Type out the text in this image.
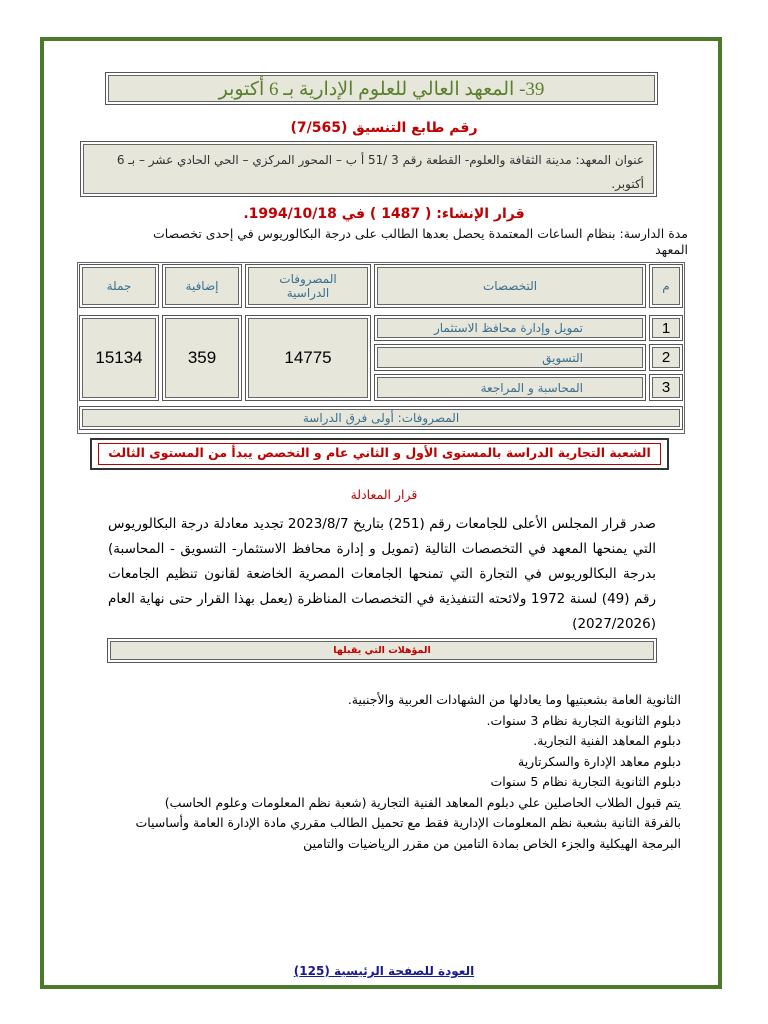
39- المعهد العالي للعلوم الإدارية بـ 6 أكتوبر
رقم طابع التنسيق (7/565)
عنوان المعهد: مدينة الثقافة والعلوم- القطعة رقم 3 /51 أ ب – المحور المركزي – الحي الحادي عشر – بـ 6 أكتوبر.
قرار الإنشاء: ( 1487 ) في 1994/10/18.
مدة الدارسة: بنظام الساعات المعتمدة يحصل بعدها الطالب على درجة البكالوريوس في إحدى تخصصات المعهد
م
التخصصات
المصروفات الدراسية
إضافية
جملة
1
تمويل وإدارة محافظ الاستثمار
2
التسويق
3
المحاسبة و المراجعة
14775
359
15134
المصروفات: أولى فرق الدراسة
الشعبة التجارية الدراسة بالمستوى الأول و الثاني عام و التخصص يبدأ من المستوى الثالث
قرار المعادلة
صدر قرار المجلس الأعلى للجامعات رقم (251) بتاريخ 2023/8/7 تجديد معادلة درجة البكالوريوس التي يمنحها المعهد في التخصصات التالية (تمويل و إدارة محافظ الاستثمار- التسويق - المحاسبة) بدرجة البكالوريوس في التجارة التي تمنحها الجامعات المصرية الخاضعة لقانون تنظيم الجامعات رقم (49) لسنة 1972 ولائحته التنفيذية في التخصصات المناظرة (يعمل بهذا القرار حتى نهاية العام (2027/2026)
المؤهلات التي يقبلها
الثانوية العامة بشعبتيها وما يعادلها من الشهادات العربية والأجنبية.
دبلوم الثانوية التجارية نظام 3 سنوات.
دبلوم المعاهد الفنية التجارية.
دبلوم معاهد الإدارة والسكرتارية
دبلوم الثانوية التجارية نظام 5 سنوات
يتم قبول الطلاب الحاصلين علي دبلوم المعاهد الفنية التجارية (شعبة نظم المعلومات وعلوم الحاسب) بالفرقة الثانية بشعبة نظم المعلومات الإدارية فقط مع تحميل الطالب مقرري مادة الإدارة العامة وأساسيات البرمجة الهيكلية والجزء الخاص بمادة التامين من مقرر الرياضيات والتامين
العودة للصفحة الرئيسية (125)
